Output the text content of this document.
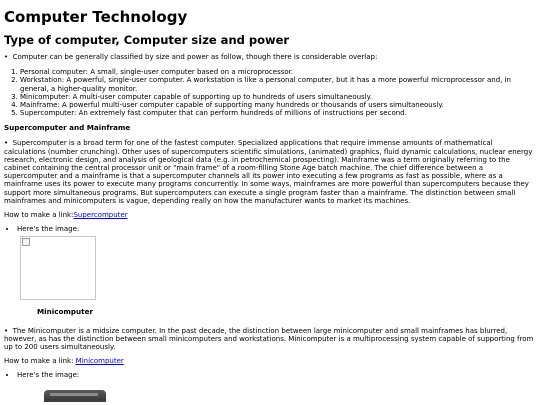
Computer Technology
Type of computer, Computer size and power

• Computer can be generally classified by size and power as follow, though there is considerable overlap:

1. Personal computer: A small, single-user computer based on a microprocessor.
2. Workstation: A powerful, single-user computer. A workstation is like a personal computer, but it has a more powerful microprocessor and, in general, a higher-quality monitor.
3. Minicomputer: A multi-user computer capable of supporting up to hundreds of users simultaneously.
4. Mainframe: A powerful multi-user computer capable of supporting many hundreds or thousands of users simultaneously.
5. Supercomputer: An extremely fast computer that can perform hundreds of millions of instructions per second.
Supercomputer and Mainframe

• Supercomputer is a broad term for one of the fastest computer. Specialized applications that require immense amounts of mathematical calculations (number crunching). Other uses of supercomputers scientific simulations, (animated) graphics, fluid dynamic calculations, nuclear energy research, electronic design, and analysis of geological data (e.g. in petrochemical prospecting). Mainframe was a term originally referring to the cabinet containing the central processor unit or "main frame" of a room-filling Stone Age batch machine. The chief difference between a supercomputer and a mainframe is that a supercomputer channels all its power into executing a few programs as fast as possible, where as a mainframe uses its power to execute many programs concurrently. In some ways, mainframes are more powerful than supercomputers because they support more simultaneous programs. But supercomputers can execute a single program faster than a mainframe. The distinction between small mainframes and minicomputers is vague, depending really on how the manufacturer wants to market its machines.

How to make a link:Supercomputer

• Here's the image:
Minicomputer

• The Minicomputer is a midsize computer. In the past decade, the distinction between large minicomputer and small mainframes has blurred, however, as has the distinction between small minicomputers and workstations. Minicomputer is a multiprocessing system capable of supporting from up to 200 users simultaneously.

How to make a link: Minicomputer

• Here's the image:
